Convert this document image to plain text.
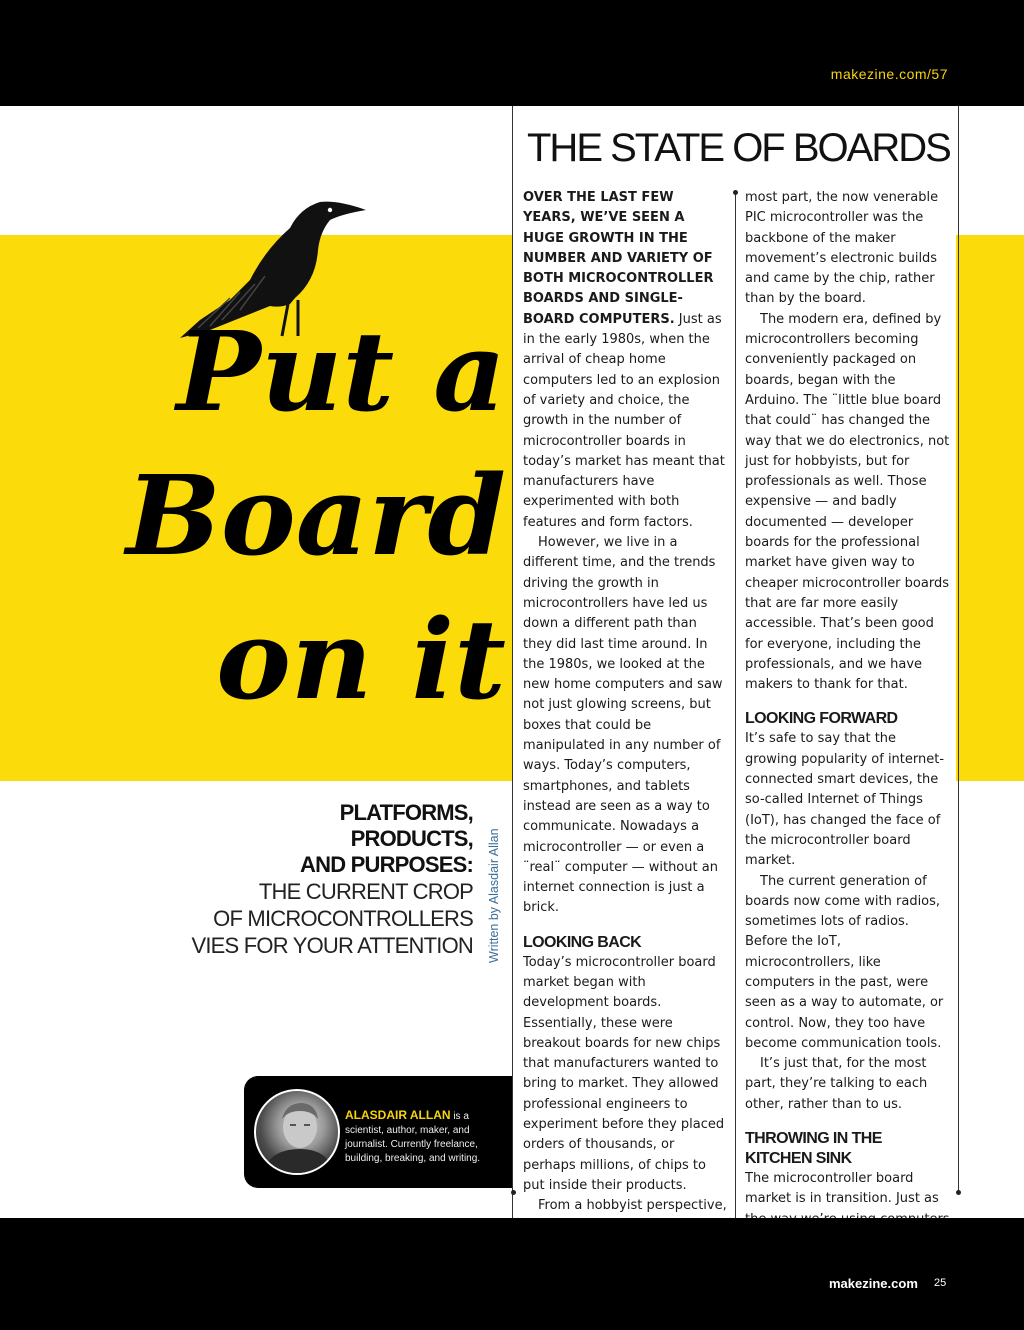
makezine.com/57
Put a
Board
on it
PLATFORMS,
PRODUCTS,
AND PURPOSES:
THE CURRENT CROP
OF MICROCONTROLLERS
VIES FOR YOUR ATTENTION Written by Alasdair Allan
ALASDAIR ALLAN is a
scientist, author, maker, and journalist. Currently freelance, building, breaking, and writing.
THE STATE OF BOARDS

OVER THE LAST FEW YEARS, WE’VE SEEN A HUGE GROWTH IN THE NUMBER AND VARIETY OF BOTH MICROCONTROLLER BOARDS AND SINGLE-BOARD COMPUTERS. Just as in the early 1980s, when the arrival of cheap home computers led to an explosion of variety and choice, the growth in the number of microcontroller boards in today’s market has meant that manufacturers have experimented with both features and form factors.

However, we live in a different time, and the trends driving the growth in microcontrollers have led us down a different path than they did last time around. In the 1980s, we looked at the new home computers and saw not just glowing screens, but boxes that could be manipulated in any number of ways. Today’s computers, smartphones, and tablets instead are seen as a way to communicate. Nowadays a microcontroller — or even a ¨real¨ computer — without an internet connection is just a brick.

LOOKING BACK

Today’s microcontroller board market began with development boards. Essentially, these were breakout boards for new chips that manufacturers wanted to bring to market. They allowed professional engineers to experiment before they placed orders of thousands, or perhaps millions, of chips to put inside their products.

From a hobbyist perspective,

most part, the now venerable PIC microcontroller was the backbone of the maker movement’s electronic builds and came by the chip, rather than by the board.

The modern era, defined by microcontrollers becoming conveniently packaged on boards, began with the Arduino. The ¨little blue board that could¨ has changed the way that we do electronics, not just for hobbyists, but for professionals as well. Those expensive — and badly documented — developer boards for the professional market have given way to cheaper microcontroller boards that are far more easily accessible. That’s been good for everyone, including the professionals, and we have makers to thank for that.

LOOKING FORWARD

It’s safe to say that the growing popularity of internet-connected smart devices, the so-called Internet of Things (IoT), has changed the face of the microcontroller board market.

The current generation of boards now come with radios, sometimes lots of radios. Before the IoT, microcontrollers, like computers in the past, were seen as a way to automate, or control. Now, they too have become communication tools.

It’s just that, for the most part, they’re talking to each other, rather than to us.

THROWING IN THE KITCHEN SINK

The microcontroller board market is in transition. Just as

makezine.com 25
